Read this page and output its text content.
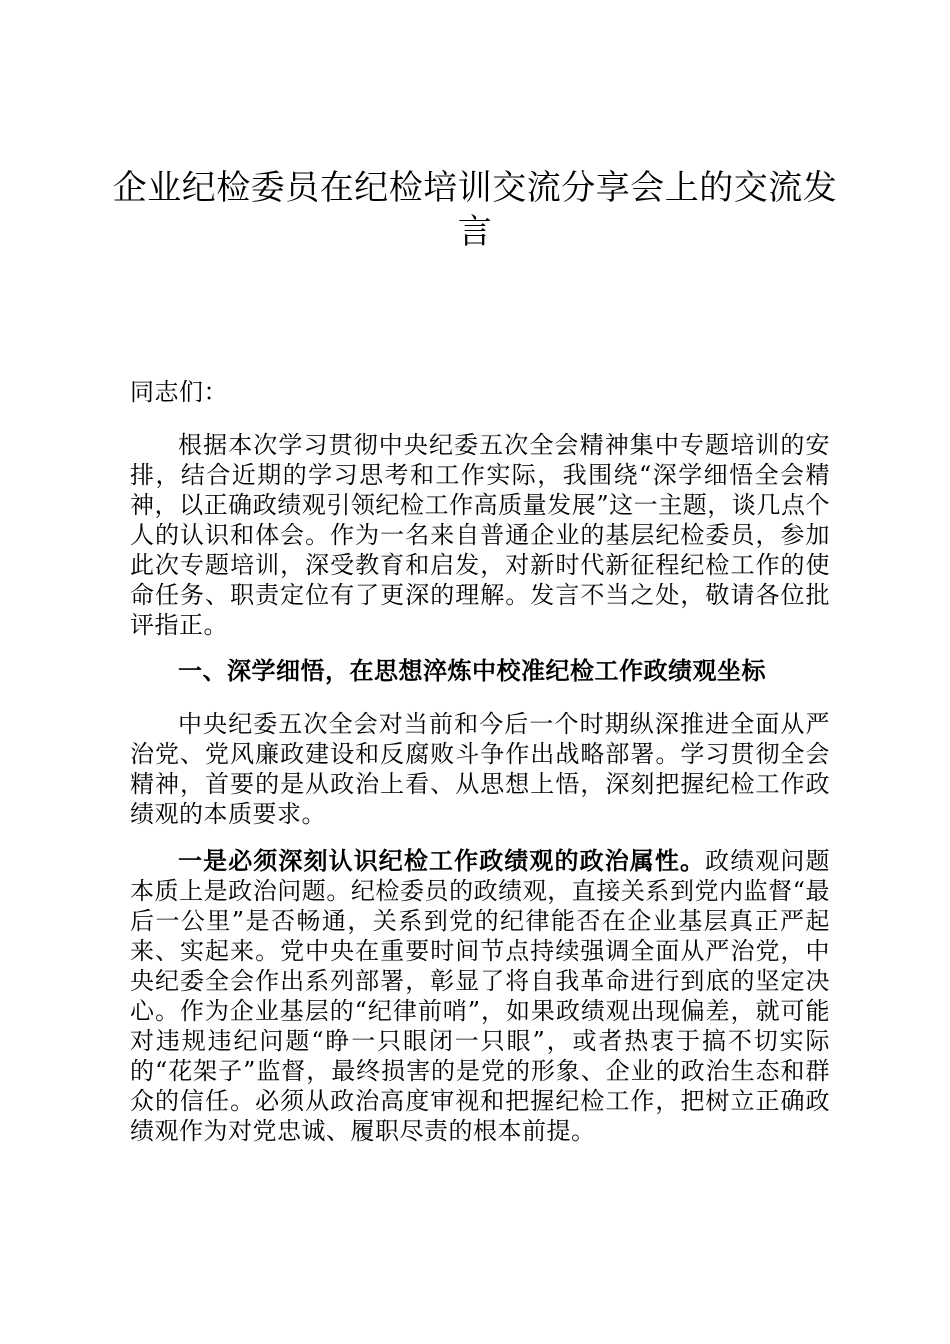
企业纪检委员在纪检培训交流分享会上的交流发言

同志们：

根据本次学习贯彻中央纪委五次全会精神集中专题培训的安排，结合近期的学习思考和工作实际，我围绕“深学细悟全会精神，以正确政绩观引领纪检工作高质量发展”这一主题，谈几点个人的认识和体会。作为一名来自普通企业的基层纪检委员，参加此次专题培训，深受教育和启发，对新时代新征程纪检工作的使命任务、职责定位有了更深的理解。发言不当之处，敬请各位批评指正。

一、深学细悟，在思想淬炼中校准纪检工作政绩观坐标

中央纪委五次全会对当前和今后一个时期纵深推进全面从严治党、党风廉政建设和反腐败斗争作出战略部署。学习贯彻全会精神，首要的是从政治上看、从思想上悟，深刻把握纪检工作政绩观的本质要求。

一是必须深刻认识纪检工作政绩观的政治属性。政绩观问题本质上是政治问题。纪检委员的政绩观，直接关系到党内监督“最后一公里”是否畅通，关系到党的纪律能否在企业基层真正严起来、实起来。党中央在重要时间节点持续强调全面从严治党，中央纪委全会作出系列部署，彰显了将自我革命进行到底的坚定决心。作为企业基层的“纪律前哨”，如果政绩观出现偏差，就可能对违规违纪问题“睁一只眼闭一只眼”，或者热衷于搞不切实际的“花架子”监督，最终损害的是党的形象、企业的政治生态和群众的信任。必须从政治高度审视和把握纪检工作，把树立正确政绩观作为对党忠诚、履职尽责的根本前提。
